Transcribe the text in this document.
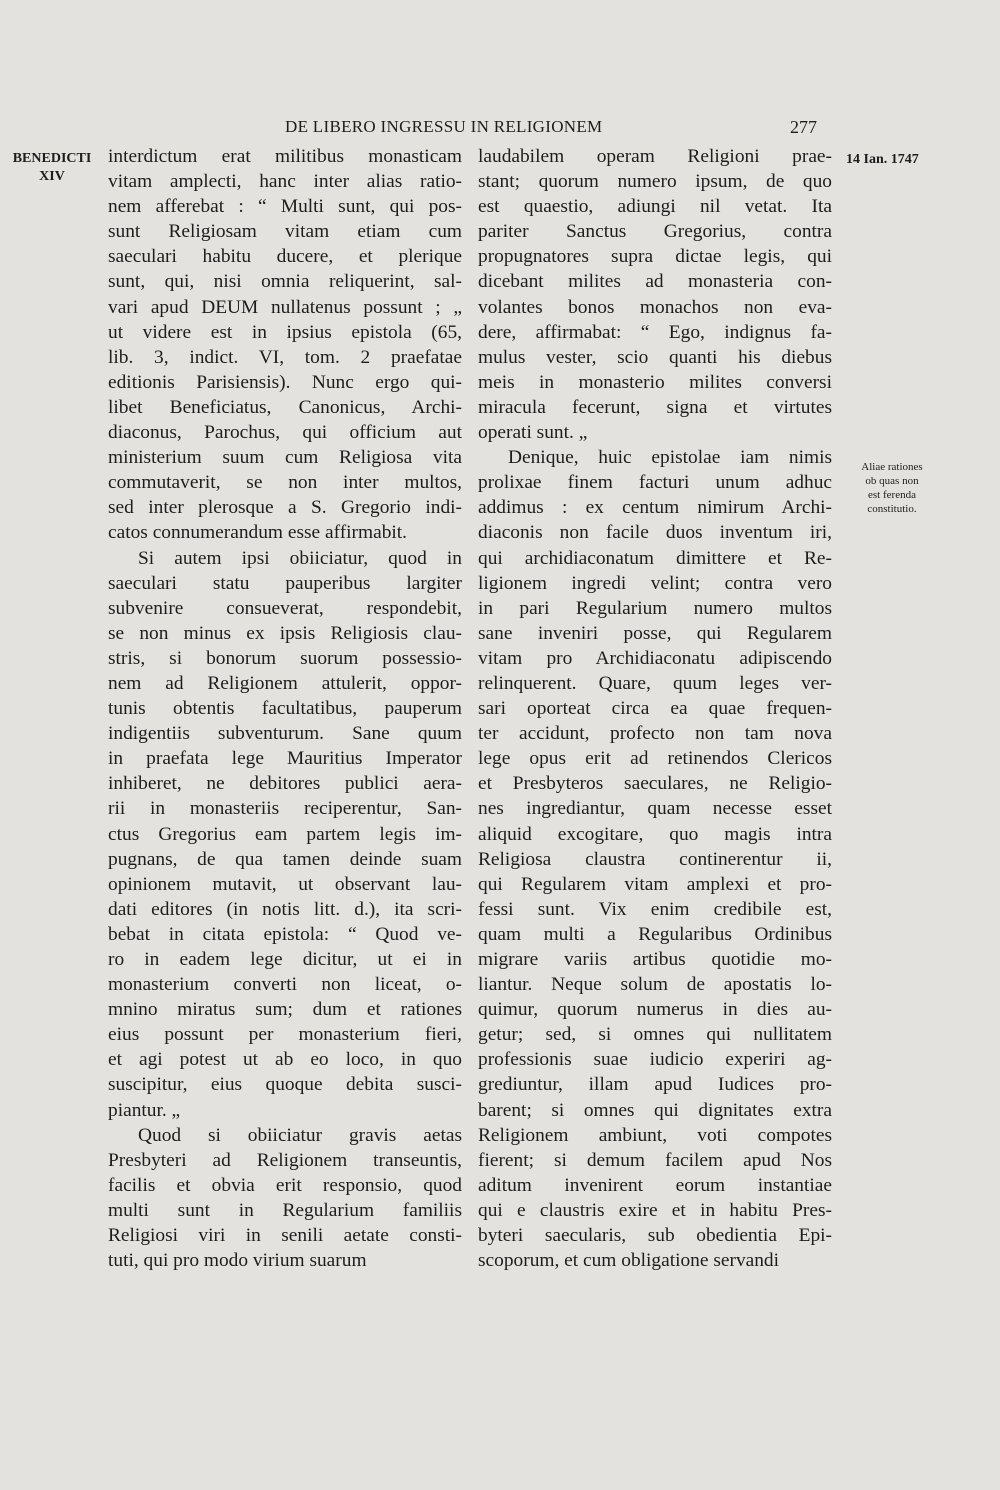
DE LIBERO INGRESSU IN RELIGIONEM	277
BENEDICTI
XIV
14 Ian. 1747
Aliae rationes
ob quas non
est ferenda
constitutio.
interdictum erat militibus monasticam
vitam amplecti, hanc inter alias ratio-
nem afferebat : “ Multi sunt, qui pos-
sunt Religiosam vitam etiam cum
saeculari habitu ducere, et plerique
sunt, qui, nisi omnia reliquerint, sal-
vari apud DEUM nullatenus possunt ; „
ut videre est in ipsius epistola (65,
lib. 3, indict. VI, tom. 2 praefatae
editionis Parisiensis). Nunc ergo qui-
libet Beneficiatus, Canonicus, Archi-
diaconus, Parochus, qui officium aut
ministerium suum cum Religiosa vita
commutaverit, se non inter multos,
sed inter plerosque a S. Gregorio indi-
catos connumerandum esse affirmabit.
Si autem ipsi obiiciatur, quod in
saeculari statu pauperibus largiter
subvenire consueverat, respondebit,
se non minus ex ipsis Religiosis clau-
stris, si bonorum suorum possessio-
nem ad Religionem attulerit, oppor-
tunis obtentis facultatibus, pauperum
indigentiis subventurum. Sane quum
in praefata lege Mauritius Imperator
inhiberet, ne debitores publici aera-
rii in monasteriis reciperentur, San-
ctus Gregorius eam partem legis im-
pugnans, de qua tamen deinde suam
opinionem mutavit, ut observant lau-
dati editores (in notis litt. d.), ita scri-
bebat in citata epistola: “ Quod ve-
ro in eadem lege dicitur, ut ei in
monasterium converti non liceat, o-
mnino miratus sum; dum et rationes
eius possunt per monasterium fieri,
et agi potest ut ab eo loco, in quo
suscipitur, eius quoque debita susci-
piantur. „
Quod si obiiciatur gravis aetas
Presbyteri ad Religionem transeuntis,
facilis et obvia erit responsio, quod
multi sunt in Regularium familiis
Religiosi viri in senili aetate consti-
tuti, qui pro modo virium suarum
laudabilem operam Religioni prae-
stant; quorum numero ipsum, de quo
est quaestio, adiungi nil vetat. Ita
pariter Sanctus Gregorius, contra
propugnatores supra dictae legis, qui
dicebant milites ad monasteria con-
volantes bonos monachos non eva-
dere, affirmabat: “ Ego, indignus fa-
mulus vester, scio quanti his diebus
meis in monasterio milites conversi
miracula fecerunt, signa et virtutes
operati sunt. „
Denique, huic epistolae iam nimis
prolixae finem facturi unum adhuc
addimus : ex centum nimirum Archi-
diaconis non facile duos inventum iri,
qui archidiaconatum dimittere et Re-
ligionem ingredi velint; contra vero
in pari Regularium numero multos
sane inveniri posse, qui Regularem
vitam pro Archidiaconatu adipiscendo
relinquerent. Quare, quum leges ver-
sari oporteat circa ea quae frequen-
ter accidunt, profecto non tam nova
lege opus erit ad retinendos Clericos
et Presbyteros saeculares, ne Religio-
nes ingrediantur, quam necesse esset
aliquid excogitare, quo magis intra
Religiosa claustra continerentur ii,
qui Regularem vitam amplexi et pro-
fessi sunt. Vix enim credibile est,
quam multi a Regularibus Ordinibus
migrare variis artibus quotidie mo-
liantur. Neque solum de apostatis lo-
quimur, quorum numerus in dies au-
getur; sed, si omnes qui nullitatem
professionis suae iudicio experiri ag-
grediuntur, illam apud Iudices pro-
barent; si omnes qui dignitates extra
Religionem ambiunt, voti compotes
fierent; si demum facilem apud Nos
aditum invenirent eorum instantiae
qui e claustris exire et in habitu Pres-
byteri saecularis, sub obedientia Epi-
scoporum, et cum obligatione servandi
